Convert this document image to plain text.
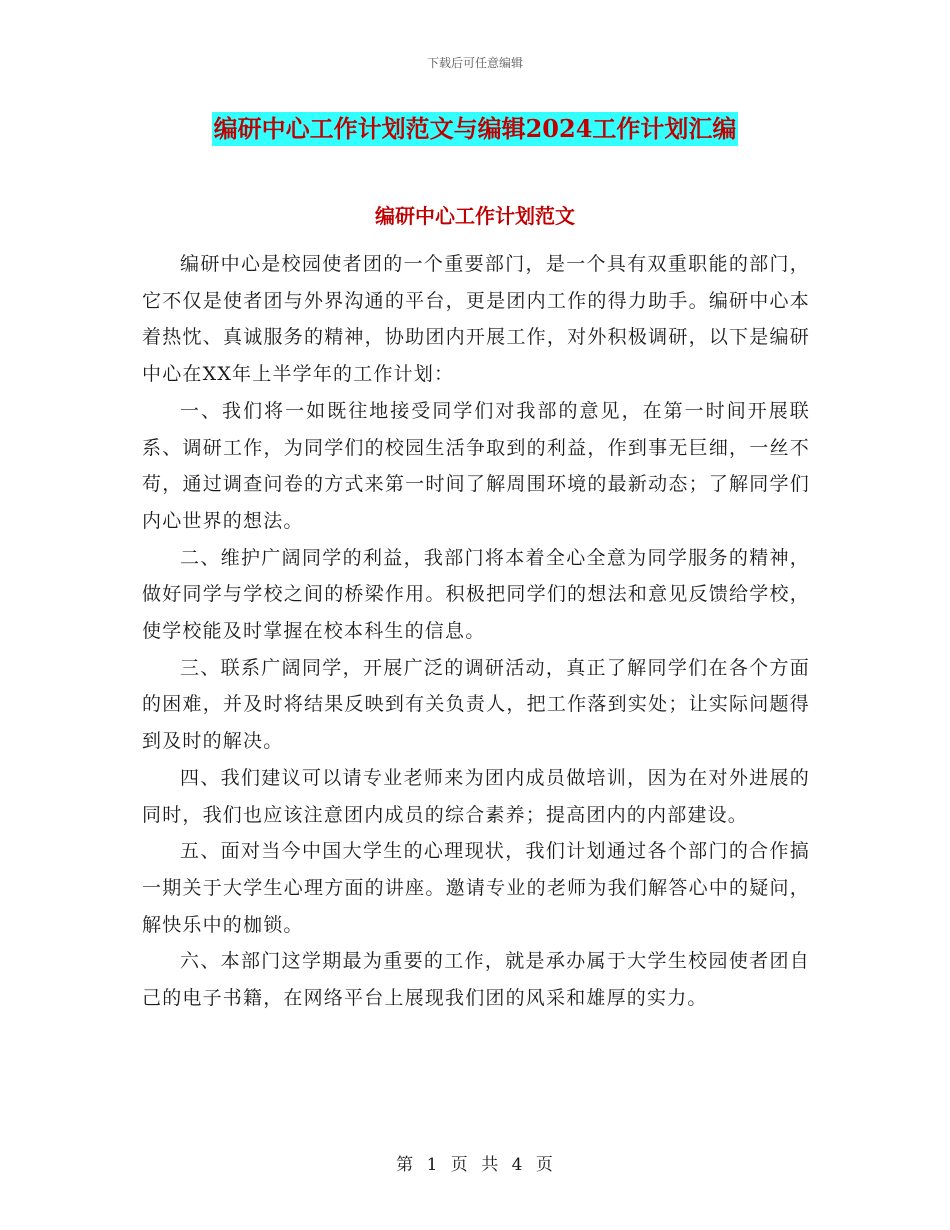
下载后可任意编辑
编研中心工作计划范文与编辑2024工作计划汇编
编研中心工作计划范文

编研中心是校园使者团的一个重要部门，是一个具有双重职能的部门，它不仅是使者团与外界沟通的平台，更是团内工作的得力助手。编研中心本着热忱、真诚服务的精神，协助团内开展工作，对外积极调研，以下是编研中心在XX年上半学年的工作计划：

一、我们将一如既往地接受同学们对我部的意见，在第一时间开展联系、调研工作，为同学们的校园生活争取到的利益，作到事无巨细，一丝不苟，通过调查问卷的方式来第一时间了解周围环境的最新动态；了解同学们内心世界的想法。

二、维护广阔同学的利益，我部门将本着全心全意为同学服务的精神，做好同学与学校之间的桥梁作用。积极把同学们的想法和意见反馈给学校，使学校能及时掌握在校本科生的信息。

三、联系广阔同学，开展广泛的调研活动，真正了解同学们在各个方面的困难，并及时将结果反映到有关负责人，把工作落到实处；让实际问题得到及时的解决。

四、我们建议可以请专业老师来为团内成员做培训，因为在对外进展的同时，我们也应该注意团内成员的综合素养；提高团内的内部建设。

五、面对当今中国大学生的心理现状，我们计划通过各个部门的合作搞一期关于大学生心理方面的讲座。邀请专业的老师为我们解答心中的疑问，解快乐中的枷锁。

六、本部门这学期最为重要的工作，就是承办属于大学生校园使者团自己的电子书籍，在网络平台上展现我们团的风采和雄厚的实力。

第 1 页 共 4 页
